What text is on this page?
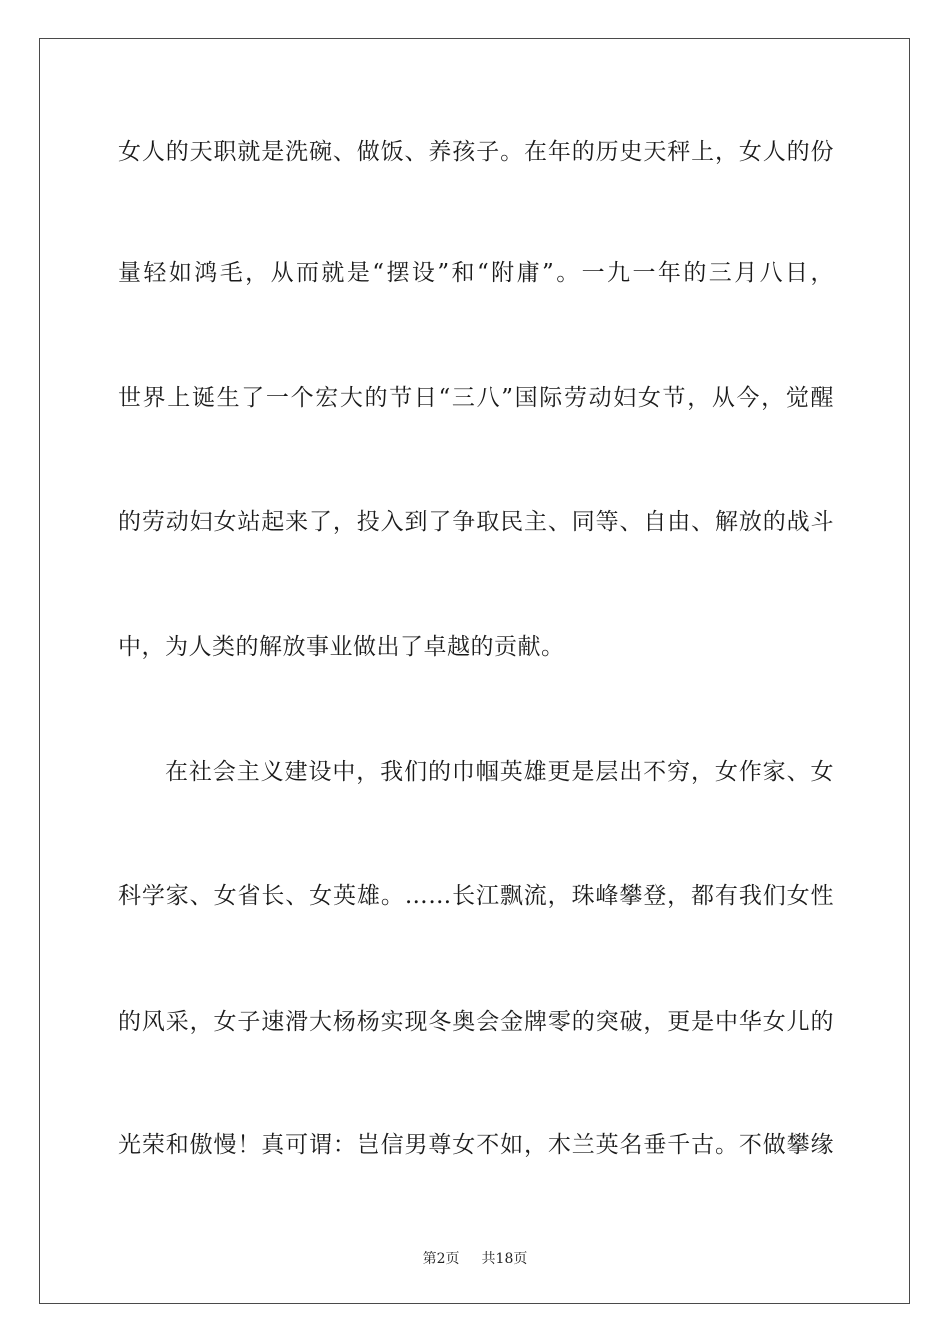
女人的天职就是洗碗、做饭、养孩子。在年的历史天秤上，女人的份
量轻如鸿毛，从而就是“摆设”和“附庸”。一九一年的三月八日，
世界上诞生了一个宏大的节日“三八”国际劳动妇女节，从今，觉醒
的劳动妇女站起来了，投入到了争取民主、同等、自由、解放的战斗
中，为人类的解放事业做出了卓越的贡献。
在社会主义建设中，我们的巾帼英雄更是层出不穷，女作家、女
科学家、女省长、女英雄。……长江飘流，珠峰攀登，都有我们女性
的风采，女子速滑大杨杨实现冬奥会金牌零的突破，更是中华女儿的
光荣和傲慢！真可谓：岂信男尊女不如，木兰英名垂千古。不做攀缘
第2页 共18页
